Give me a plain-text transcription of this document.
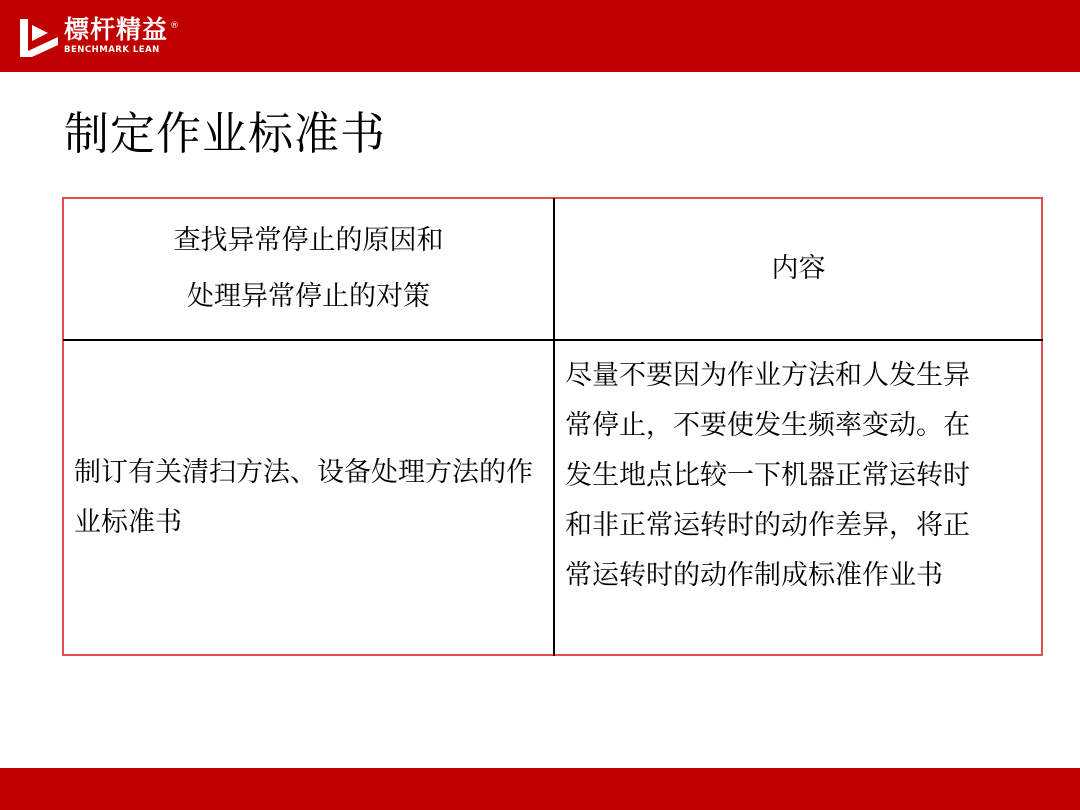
標杆精益 ®
BENCHMARK LEAN
制定作业标准书
查找异常停止的原因和
处理异常停止的对策
内容
制订有关清扫方法、设备处理方法的作业标准书
尽量不要因为作业方法和人发生异
常停止，不要使发生频率变动。在
发生地点比较一下机器正常运转时
和非正常运转时的动作差异，将正
常运转时的动作制成标准作业书
